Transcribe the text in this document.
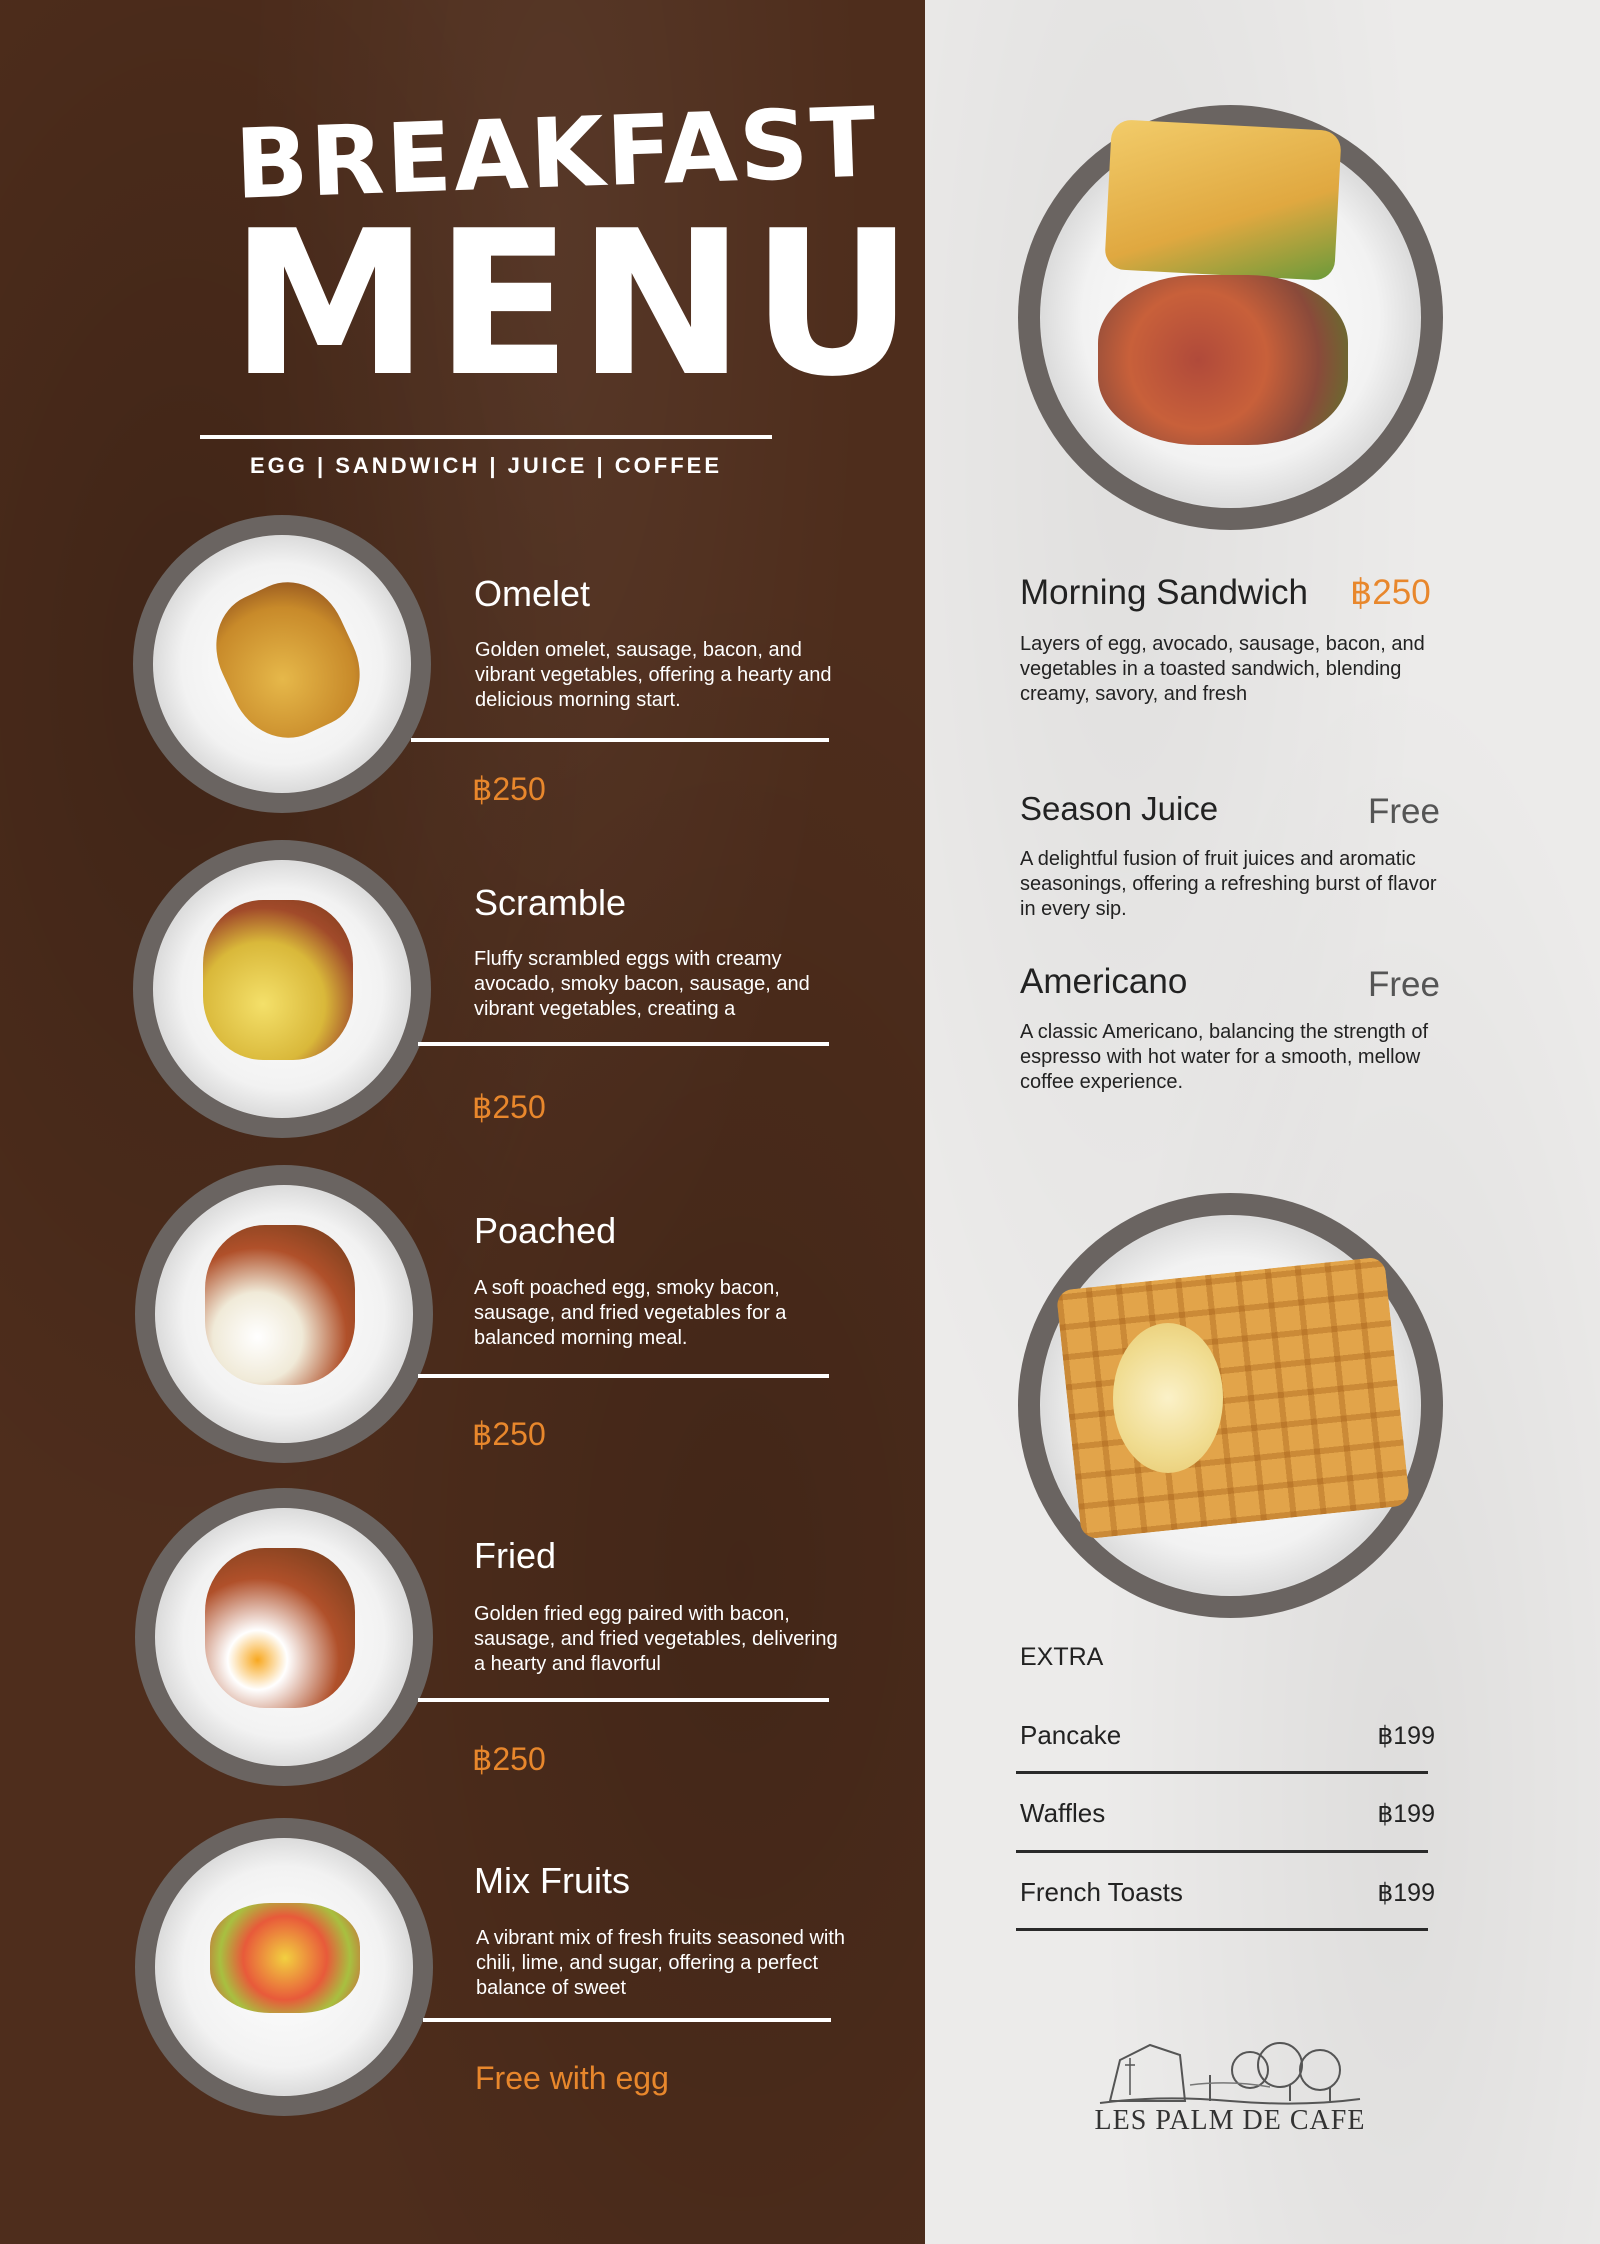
BREAKFAST
MENU
EGG | SANDWICH | JUICE | COFFEE
Omelet
Golden omelet, sausage, bacon, and vibrant vegetables, offering a hearty and delicious morning start.
฿250
Scramble
Fluffy scrambled eggs with creamy avocado, smoky bacon, sausage, and vibrant vegetables, creating a
฿250
Poached
A soft poached egg, smoky bacon, sausage, and fried vegetables for a balanced morning meal.
฿250
Fried
Golden fried egg paired with bacon, sausage, and fried vegetables, delivering a hearty and flavorful
฿250
Mix Fruits
A vibrant mix of fresh fruits seasoned with chili, lime, and sugar, offering a perfect balance of sweet
Free with egg
Morning Sandwich ฿250
Layers of egg, avocado, sausage, bacon, and vegetables in a toasted sandwich, blending creamy, savory, and fresh
Season Juice	Free
A delightful fusion of fruit juices and aromatic seasonings, offering a refreshing burst of flavor in every sip.
Americano	Free
A classic Americano, balancing the strength of espresso with hot water for a smooth, mellow coffee experience.
EXTRA
Pancake	฿199
Waffles	฿199
French Toasts	฿199
LES PALM DE CAFE
